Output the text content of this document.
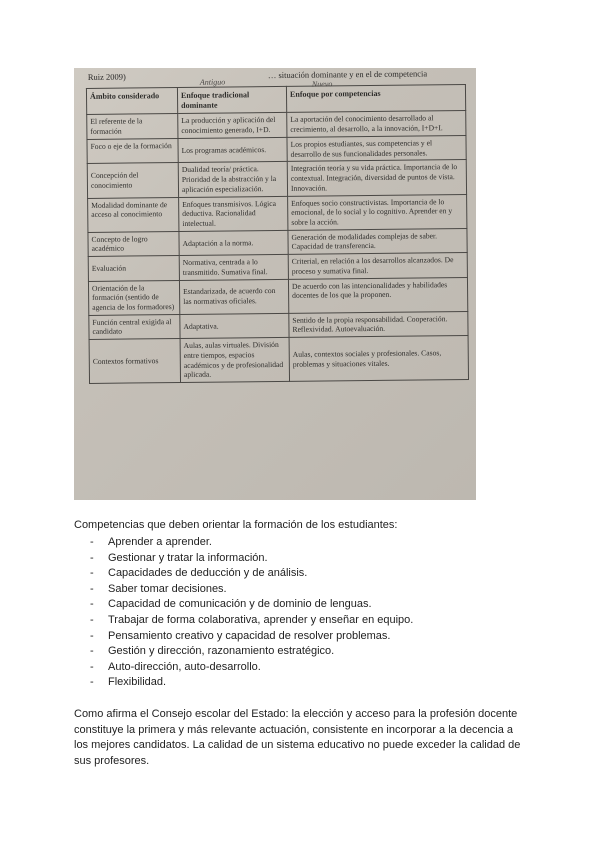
Ruiz 2009)	… situación dominante y en el de competencia
Antiguo	Nuevo
Ámbito considerado	Enfoque tradicional dominante	Enfoque por competencias
El referente de la formación	La producción y aplicación del conocimiento generado, I+D.	La aportación del conocimiento desarrollado al crecimiento, al desarrollo, a la innovación, I+D+I.
Foco o eje de la formación	Los programas académicos.	Los propios estudiantes, sus competencias y el desarrollo de sus funcionalidades personales.
Concepción del conocimiento	Dualidad teoría/ práctica. Prioridad de la abstracción y la aplicación especialización.	Integración teoría y su vida práctica. Importancia de lo contextual. Integración, diversidad de puntos de vista. Innovación.
Modalidad dominante de acceso al conocimiento	Enfoques transmisivos. Lógica deductiva. Racionalidad intelectual.	Enfoques socio constructivistas. Importancia de lo emocional, de lo social y lo cognitivo. Aprender en y sobre la acción.
Concepto de logro académico	Adaptación a la norma.	Generación de modalidades complejas de saber. Capacidad de transferencia.
Evaluación	Normativa, centrada a lo transmitido. Sumativa final.	Criterial, en relación a los desarrollos alcanzados. De proceso y sumativa final.
Orientación de la formación (sentido de agencia de los formadores)	Estandarizada, de acuerdo con las normativas oficiales.	De acuerdo con las intencionalidades y habilidades docentes de los que la proponen.
Función central exigida al candidato	Adaptativa.	Sentido de la propia responsabilidad. Cooperación. Reflexividad. Autoevaluación.
Contextos formativos	Aulas, aulas virtuales. División entre tiempos, espacios académicos y de profesionalidad aplicada.	Aulas, contextos sociales y profesionales. Casos, problemas y situaciones vitales.
Competencias que deben orientar la formación de los estudiantes:
- Aprender a aprender.
- Gestionar y tratar la información.
- Capacidades de deducción y de análisis.
- Saber tomar decisiones.
- Capacidad de comunicación y de dominio de lenguas.
- Trabajar de forma colaborativa, aprender y enseñar en equipo.
- Pensamiento creativo y capacidad de resolver problemas.
- Gestión y dirección, razonamiento estratégico.
- Auto-dirección, auto-desarrollo.
- Flexibilidad.

Como afirma el Consejo escolar del Estado: la elección y acceso para la profesión docente constituye la primera y más relevante actuación, consistente en incorporar a la decencia a los mejores candidatos. La calidad de un sistema educativo no puede exceder la calidad de sus profesores.
